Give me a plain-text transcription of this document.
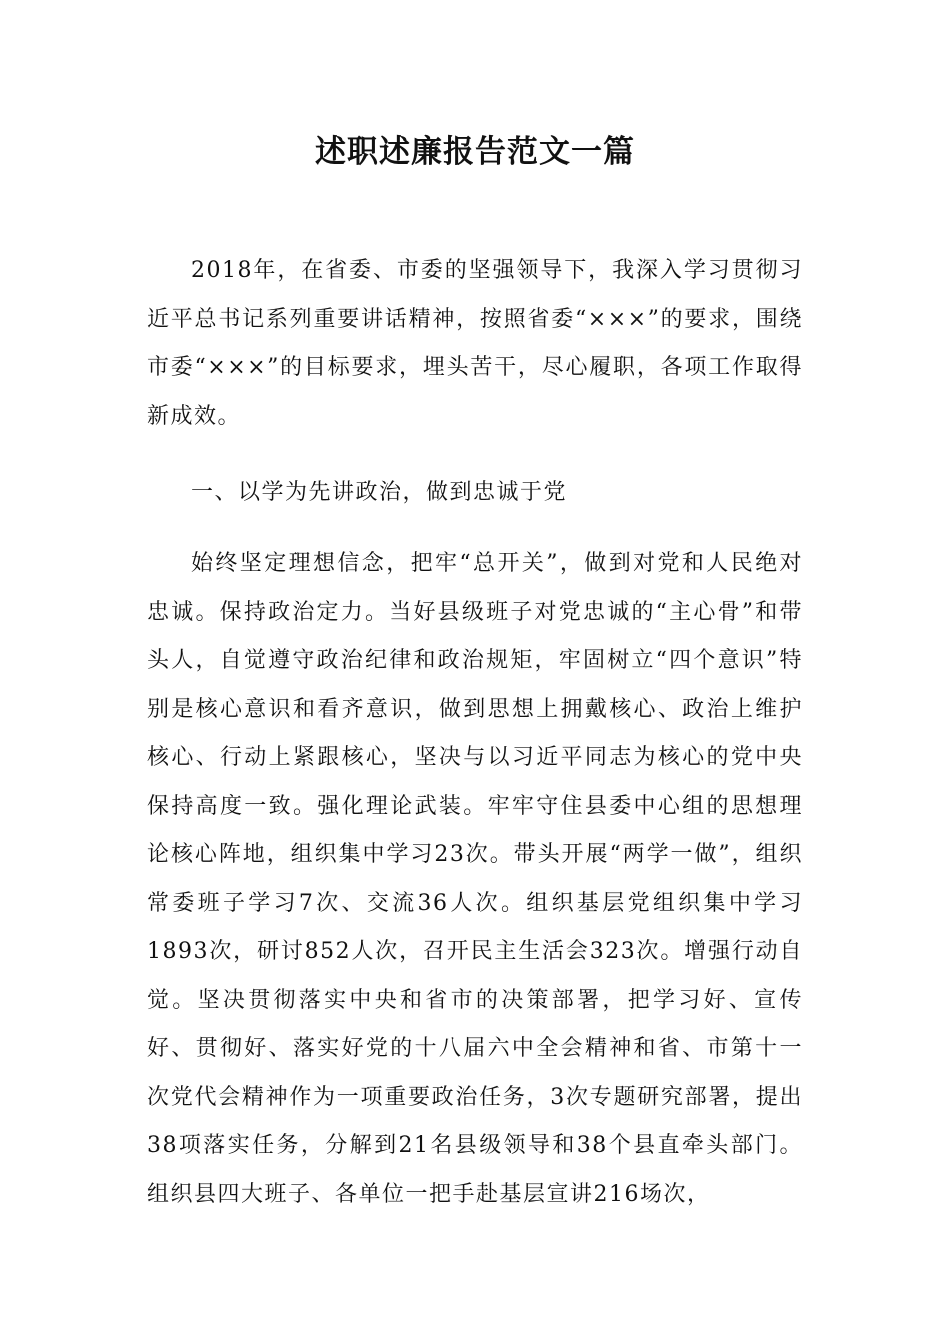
述职述廉报告范文一篇

2018年，在省委、市委的坚强领导下，我深入学习贯彻习近平总书记系列重要讲话精神，按照省委“×××”的要求，围绕市委“×××”的目标要求，埋头苦干，尽心履职，各项工作取得新成效。

一、以学为先讲政治，做到忠诚于党

始终坚定理想信念，把牢“总开关”，做到对党和人民绝对忠诚。保持政治定力。当好县级班子对党忠诚的“主心骨”和带头人，自觉遵守政治纪律和政治规矩，牢固树立“四个意识”特别是核心意识和看齐意识，做到思想上拥戴核心、政治上维护核心、行动上紧跟核心，坚决与以习近平同志为核心的党中央保持高度一致。强化理论武装。牢牢守住县委中心组的思想理论核心阵地，组织集中学习23次。带头开展“两学一做”，组织常委班子学习7次、交流36人次。组织基层党组织集中学习1893次，研讨852人次，召开民主生活会323次。增强行动自觉。坚决贯彻落实中央和省市的决策部署，把学习好、宣传好、贯彻好、落实好党的十八届六中全会精神和省、市第十一次党代会精神作为一项重要政治任务，3次专题研究部署，提出38项落实任务，分解到21名县级领导和38个县直牵头部门。组织县四大班子、各单位一把手赴基层宣讲216场次，
